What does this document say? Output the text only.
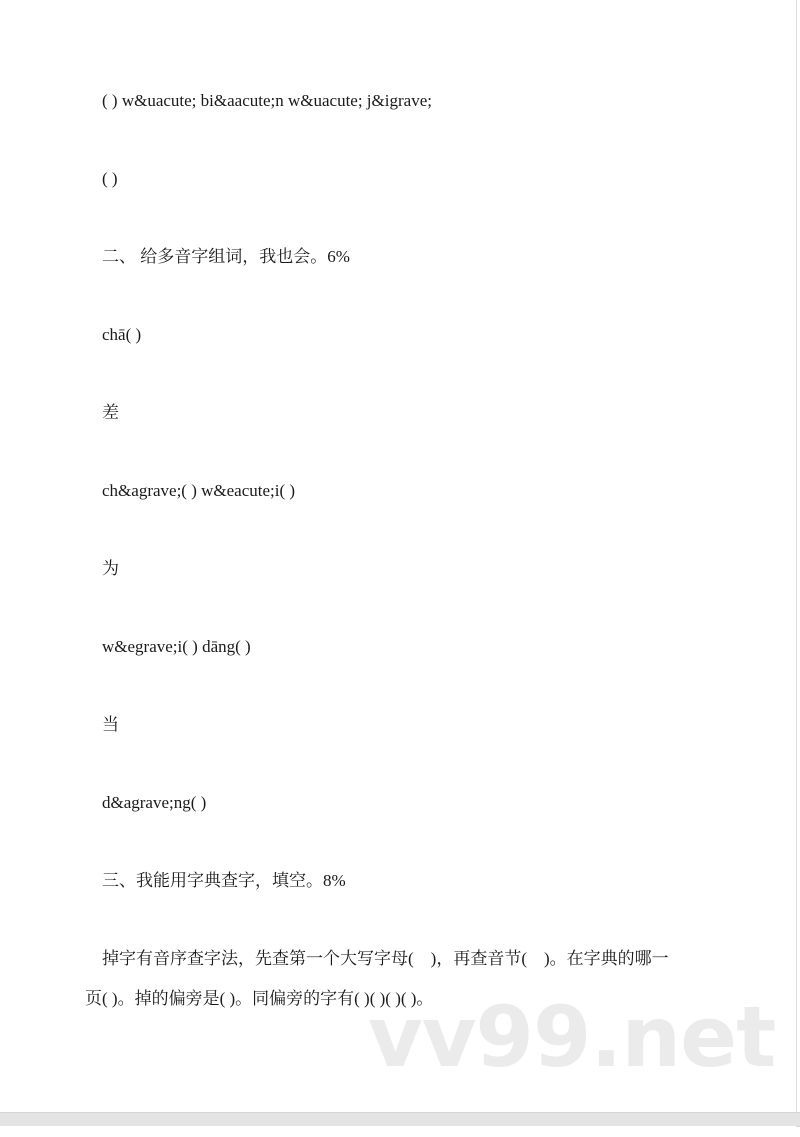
( ) w&uacute; bi&aacute;n w&uacute; j&igrave;
( )
二、 给多音字组词，我也会。6%
chā( )
差
ch&agrave;( ) w&eacute;i( )
为
w&egrave;i( ) dāng( )
当
d&agrave;ng( )
三、我能用字典查字，填空。8%
　掉字有音序查字法，先查第一个大写字母(　)，再查音节(　)。在字典的哪一
页( )。掉的偏旁是( )。同偏旁的字有( )( )( )( )。
vv99.net
